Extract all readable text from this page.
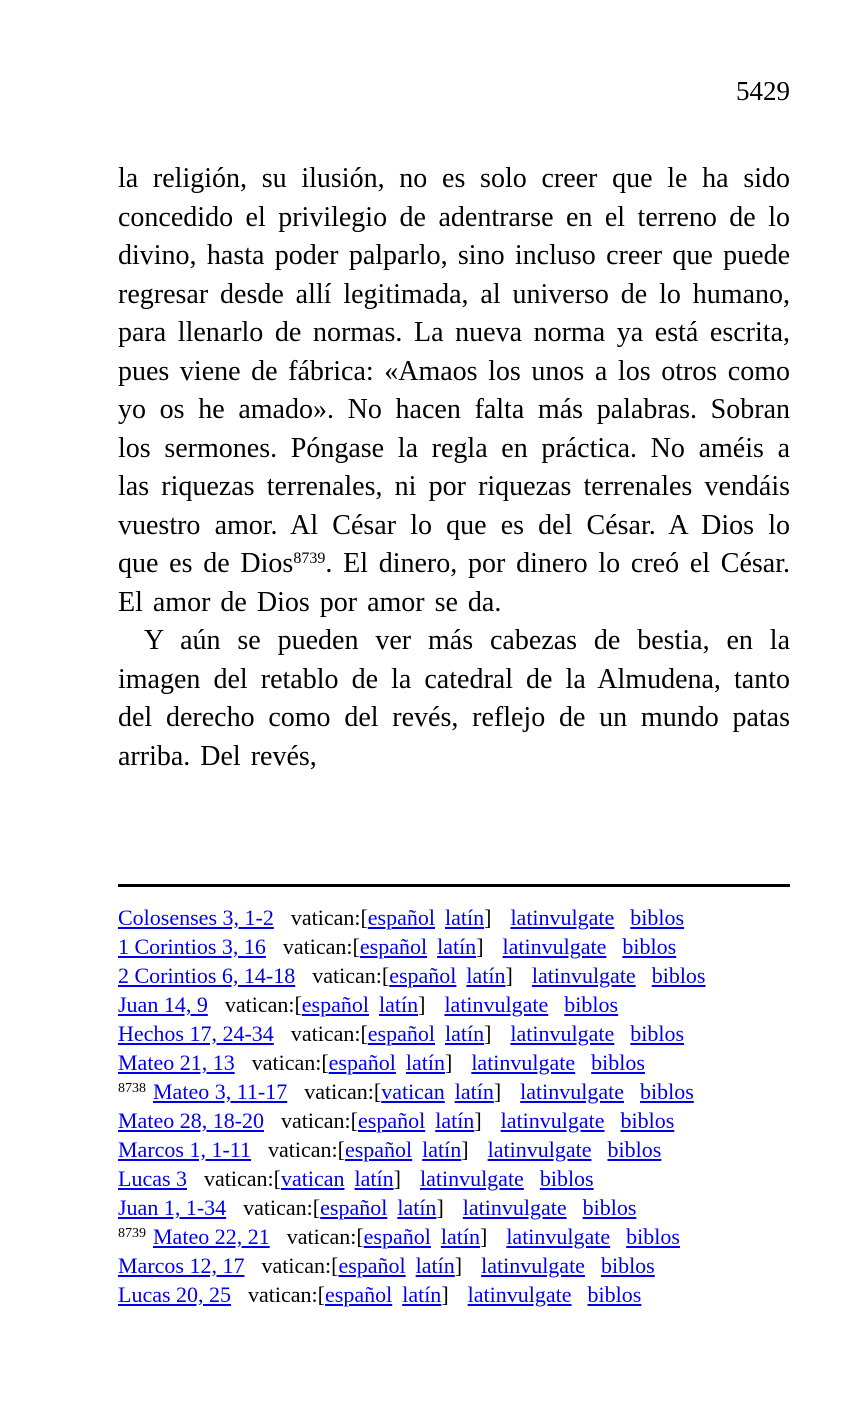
5429

la religión, su ilusión, no es solo creer que le ha sido concedido el privilegio de adentrarse en el terreno de lo divino, hasta poder palparlo, sino incluso creer que puede regresar desde allí legitimada, al universo de lo humano, para llenarlo de normas. La nueva norma ya está escrita, pues viene de fábrica: «Amaos los unos a los otros como yo os he amado». No hacen falta más palabras. Sobran los sermones. Póngase la regla en práctica. No améis a las riquezas terrenales, ni por riquezas terrenales vendáis vuestro amor. Al César lo que es del César. A Dios lo que es de Dios$^{8739}$. El dinero, por dinero lo creó el César. El amor de Dios por amor se da.

Y aún se pueden ver más cabezas de bestia, en la imagen del retablo de la catedral de la Almudena, tanto del derecho como del revés, reflejo de un mundo patas arriba. Del revés,

Colosenses 3, 1-2 vatican:[español latín] latinvulgate biblos
1 Corintios 3, 16 vatican:[español latín] latinvulgate biblos
2 Corintios 6, 14-18 vatican:[español latín] latinvulgate biblos
Juan 14, 9 vatican:[español latín] latinvulgate biblos
Hechos 17, 24-34 vatican:[español latín] latinvulgate biblos
Mateo 21, 13 vatican:[español latín] latinvulgate biblos
$^{8738}$ Mateo 3, 11-17 vatican:[vatican latín] latinvulgate biblos
Mateo 28, 18-20 vatican:[español latín] latinvulgate biblos
Marcos 1, 1-11 vatican:[español latín] latinvulgate biblos
Lucas 3 vatican:[vatican latín] latinvulgate biblos
Juan 1, 1-34 vatican:[español latín] latinvulgate biblos
$^{8739}$ Mateo 22, 21 vatican:[español latín] latinvulgate biblos
Marcos 12, 17 vatican:[español latín] latinvulgate biblos
Lucas 20, 25 vatican:[español latín] latinvulgate biblos
